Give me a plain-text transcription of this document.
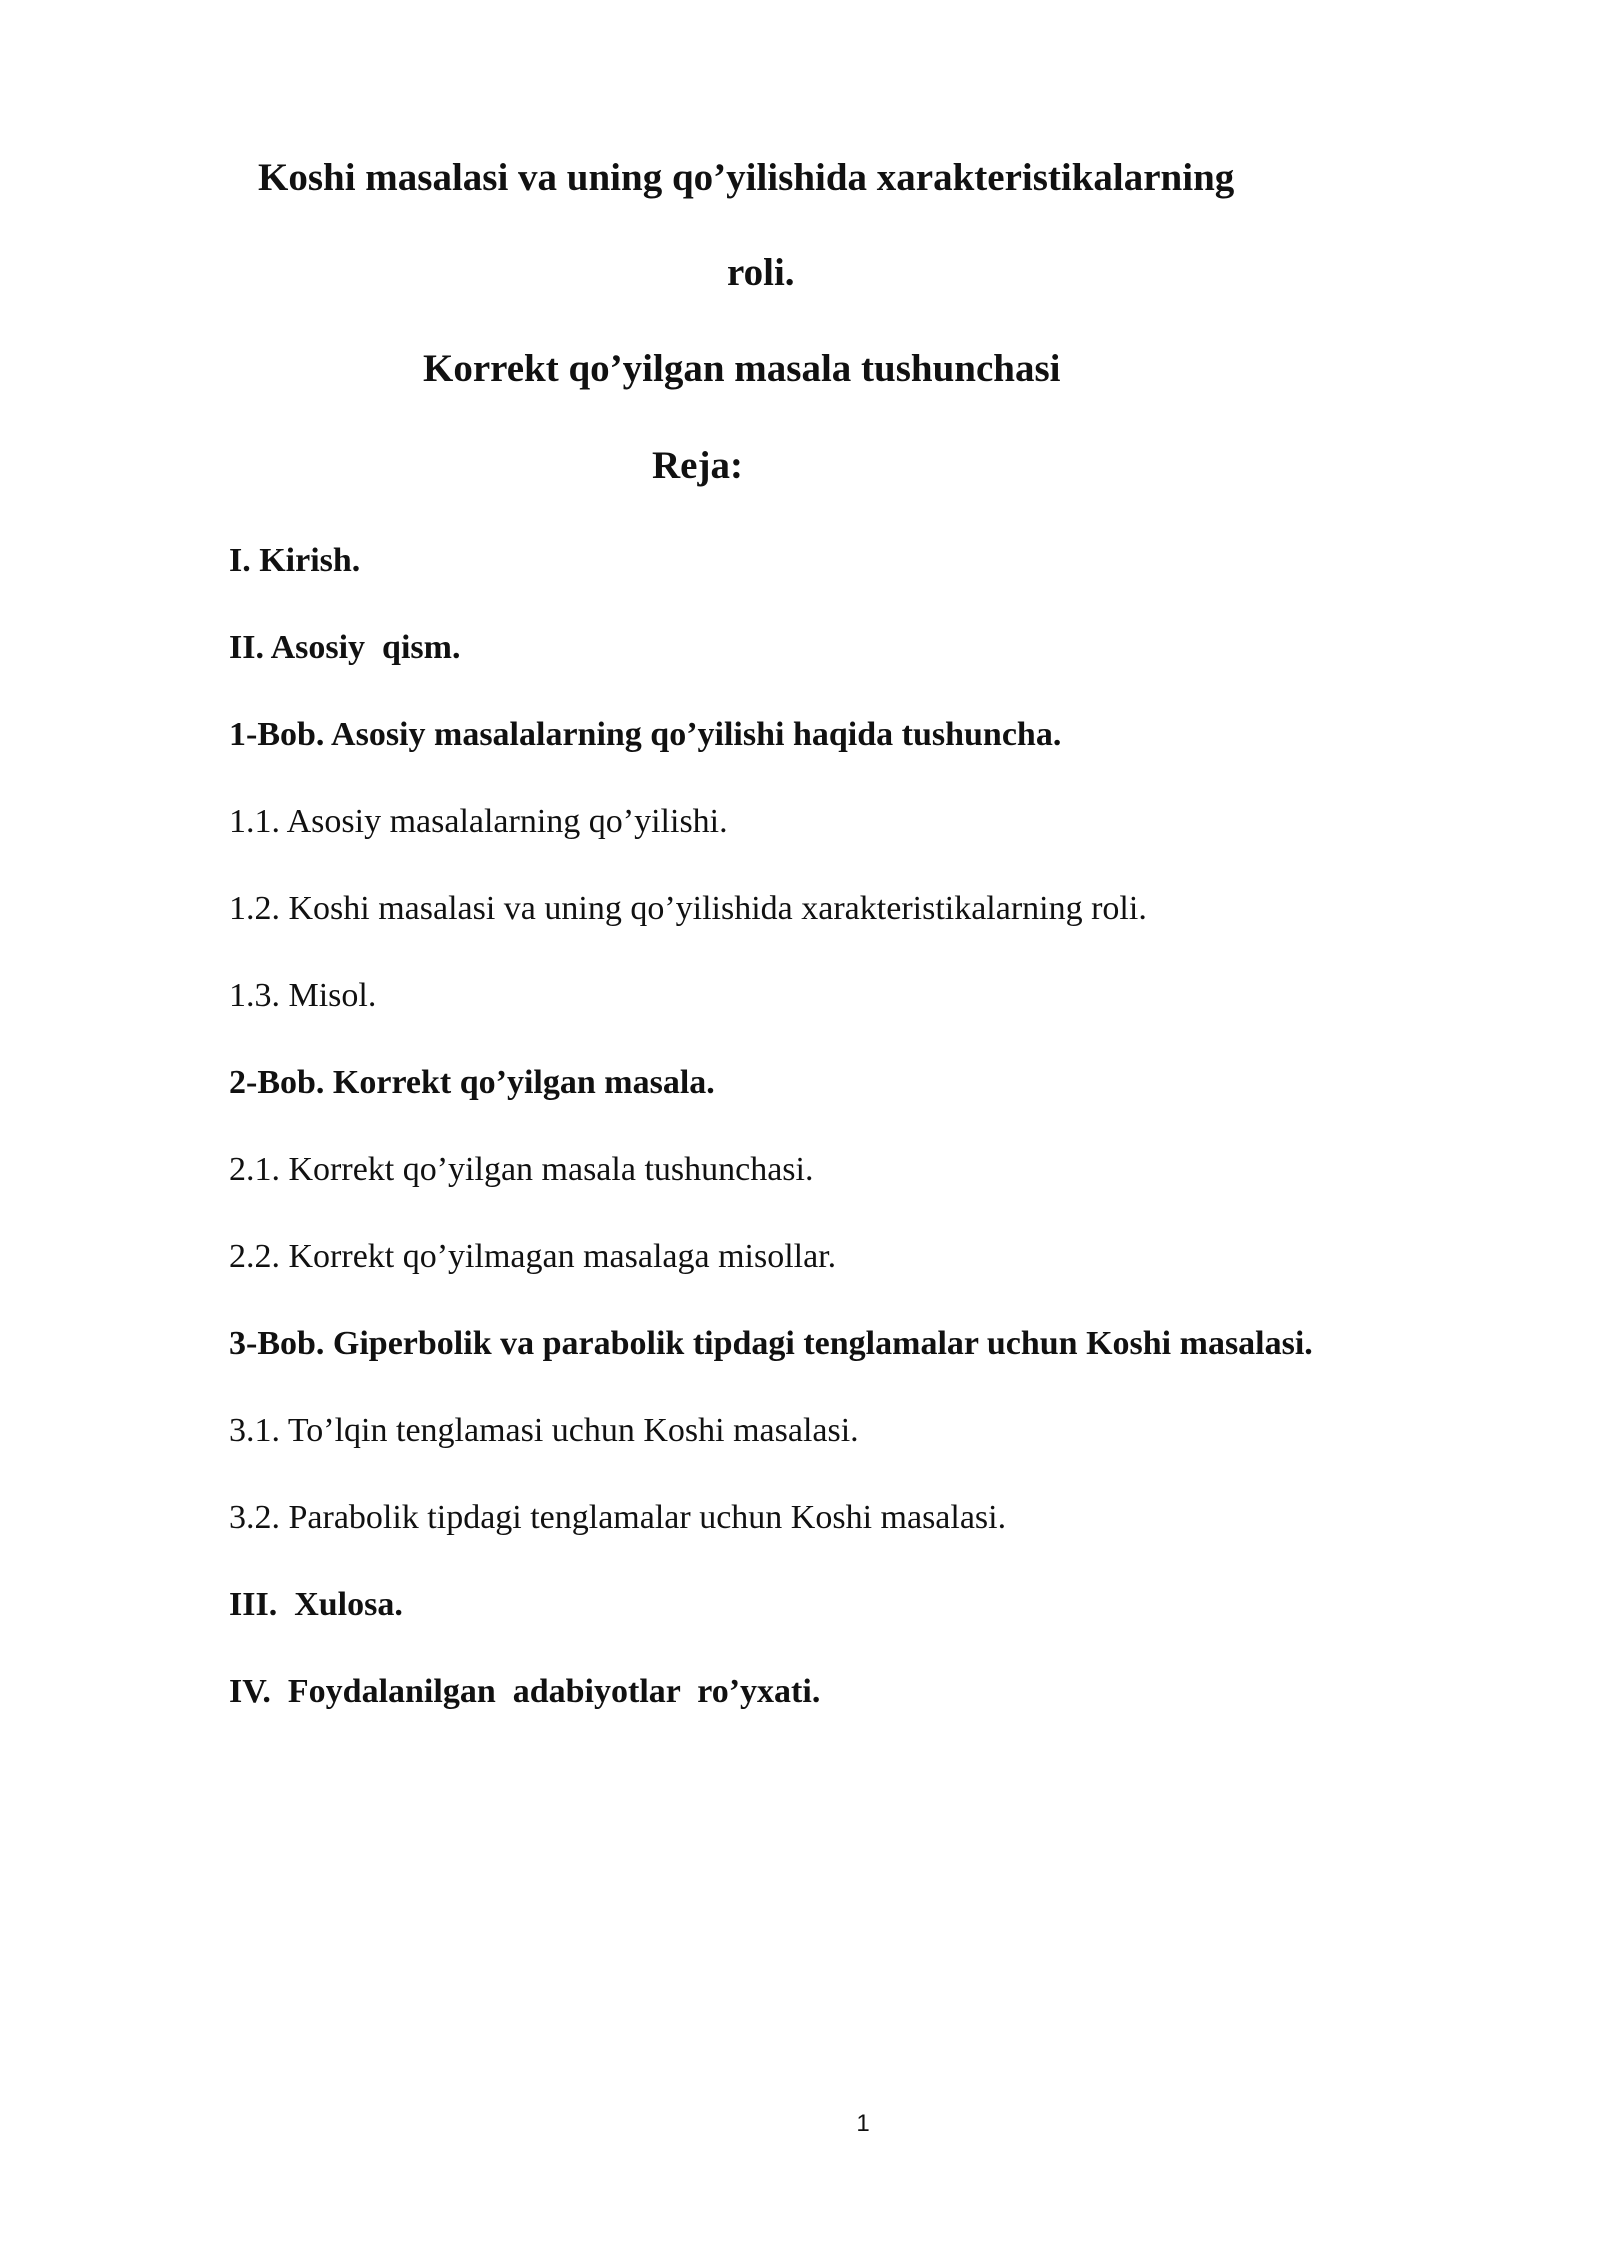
Koshi masalasi va uning qo’yilishida xarakteristikalarning
roli.
Korrekt qo’yilgan masala tushunchasi
Reja:
I. Kirish.
II. Asosiy  qism.
1-Bob. Asosiy masalalarning qo’yilishi haqida tushuncha.
1.1. Asosiy masalalarning qo’yilishi.
1.2. Koshi masalasi va uning qo’yilishida xarakteristikalarning roli.
1.3. Misol.
2-Bob. Korrekt qo’yilgan masala.
2.1. Korrekt qo’yilgan masala tushunchasi.
2.2. Korrekt qo’yilmagan masalaga misollar.
3-Bob. Giperbolik va parabolik tipdagi tenglamalar uchun Koshi masalasi.
3.1. To’lqin tenglamasi uchun Koshi masalasi.
3.2. Parabolik tipdagi tenglamalar uchun Koshi masalasi.
III.  Xulosa.
IV.  Foydalanilgan  adabiyotlar  ro’yxati.
1
